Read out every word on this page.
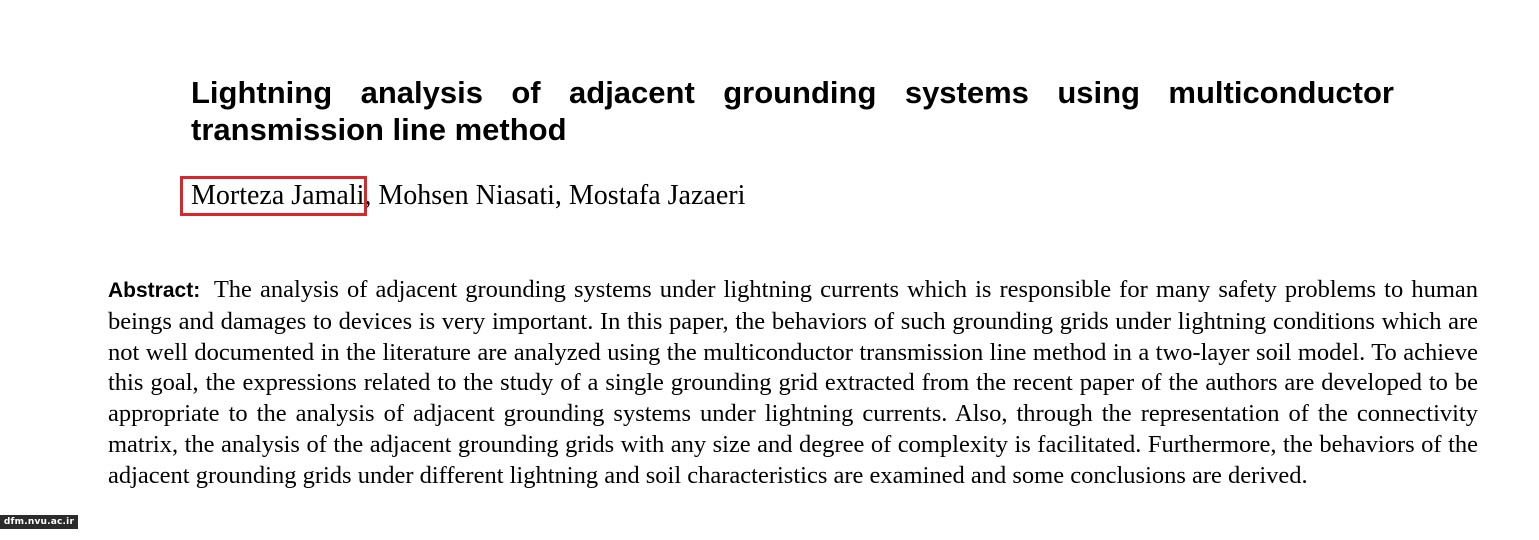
Lightning analysis of adjacent grounding systems using multiconductor transmission line method
Morteza Jamali, Mohsen Niasati, Mostafa Jazaeri

Abstract: The analysis of adjacent grounding systems under lightning currents which is responsible for many safety problems to human beings and damages to devices is very important. In this paper, the behaviors of such grounding grids under lightning conditions which are not well documented in the literature are analyzed using the multiconductor transmission line method in a two-layer soil model. To achieve this goal, the expressions related to the study of a single grounding grid extracted from the recent paper of the authors are developed to be appropriate to the analysis of adjacent grounding systems under lightning currents. Also, through the representation of the connectivity matrix, the analysis of the adjacent grounding grids with any size and degree of complexity is facilitated. Furthermore, the behaviors of the adjacent grounding grids under different lightning and soil characteristics are examined and some conclusions are derived.

dfm.nvu.ac.ir
